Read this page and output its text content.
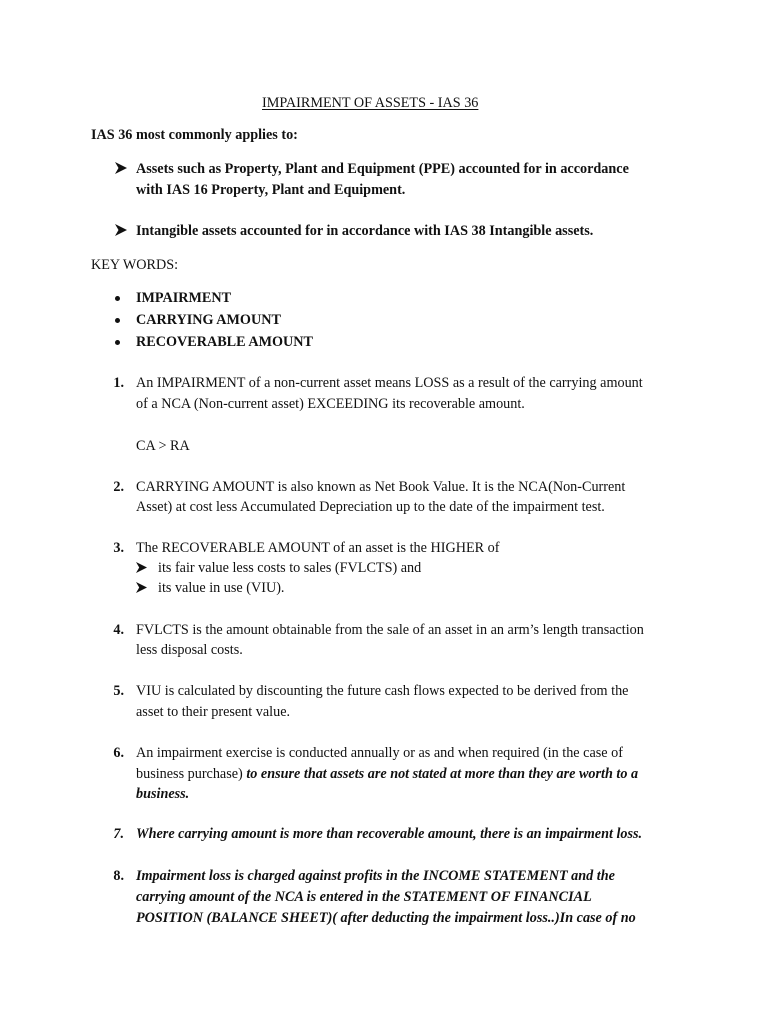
IMPAIRMENT OF ASSETS - IAS 36
IAS 36 most commonly applies to:
Assets such as Property, Plant and Equipment (PPE) accounted for in accordance
with IAS 16 Property, Plant and Equipment.
Intangible assets accounted for in accordance with IAS 38 Intangible assets.
KEY WORDS:
IMPAIRMENT
CARRYING AMOUNT
RECOVERABLE AMOUNT
1. An IMPAIRMENT of a non-current asset means LOSS as a result of the carrying amount
of a NCA (Non-current asset) EXCEEDING its recoverable amount.
CA > RA
2. CARRYING AMOUNT is also known as Net Book Value. It is the NCA(Non-Current
Asset) at cost less Accumulated Depreciation up to the date of the impairment test.
3. The RECOVERABLE AMOUNT of an asset is the HIGHER of
its fair value less costs to sales (FVLCTS) and
its value in use (VIU).
4. FVLCTS is the amount obtainable from the sale of an asset in an arm’s length transaction
less disposal costs.
5. VIU is calculated by discounting the future cash flows expected to be derived from the
asset to their present value.
6. An impairment exercise is conducted annually or as and when required (in the case of
business purchase) to ensure that assets are not stated at more than they are worth to a
business.
7. Where carrying amount is more than recoverable amount, there is an impairment loss.
8. Impairment loss is charged against profits in the INCOME STATEMENT and the
carrying amount of the NCA is entered in the STATEMENT OF FINANCIAL
POSITION (BALANCE SHEET)( after deducting the impairment loss..)In case of no
